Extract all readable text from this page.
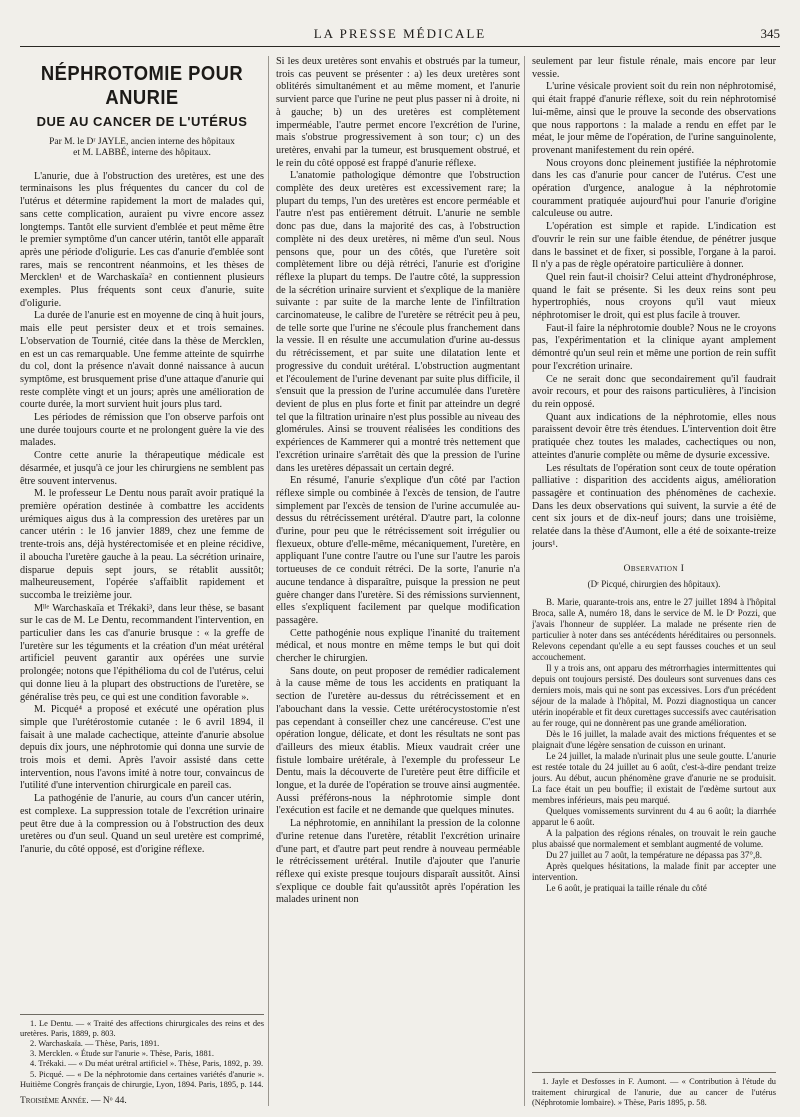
LA PRESSE MÉDICALE	345
NÉPHROTOMIE POUR ANURIE
DUE AU CANCER DE L'UTÉRUS
Par M. le Dʳ JAYLE, ancien interne des hôpitaux
et M. LABBÉ, interne des hôpitaux.

L'anurie, due à l'obstruction des uretères, est une des terminaisons les plus fréquentes du cancer du col de l'utérus et détermine rapidement la mort de malades qui, sans cette complication, auraient pu vivre encore assez longtemps. Tantôt elle survient d'emblée et peut même être le premier symptôme d'un cancer utérin, tantôt elle apparaît après une période d'oligurie. Les cas d'anurie d'emblée sont rares, mais se rencontrent néanmoins, et les thèses de Mercklen¹ et de Warchaskaïa² en contiennent plusieurs exemples. Plus fréquents sont ceux d'anurie, suite d'oligurie.

La durée de l'anurie est en moyenne de cinq à huit jours, mais elle peut persister deux et et trois semaines. L'observation de Tournié, citée dans la thèse de Mercklen, en est un cas remarquable. Une femme atteinte de squirrhe du col, dont la présence n'avait donné naissance à aucun symptôme, est brusquement prise d'une attaque d'anurie qui reste complète vingt et un jours; après une amélioration de courte durée, la mort survient huit jours plus tard.

Les périodes de rémission que l'on observe parfois ont une durée toujours courte et ne prolongent guère la vie des malades.

Contre cette anurie la thérapeutique médicale est désarmée, et jusqu'à ce jour les chirurgiens ne semblent pas être souvent intervenus.

M. le professeur Le Dentu nous paraît avoir pratiqué la première opération destinée à combattre les accidents urémiques aigus dus à la compression des uretères par un cancer utérin : le 16 janvier 1889, chez une femme de trente-trois ans, déjà hystérectomisée et en pleine récidive, il aboucha l'uretère gauche à la peau. La sécrétion urinaire, disparue depuis sept jours, se rétablit aussitôt; malheureusement, l'opérée s'affaiblit rapidement et succomba le treizième jour.

Mˡˡᵉ Warchaskaïa et Trékaki³, dans leur thèse, se basant sur le cas de M. Le Dentu, recommandent l'intervention, en particulier dans les cas d'anurie brusque : « la greffe de l'uretère sur les téguments et la création d'un méat urétéral artificiel peuvent garantir aux opérées une survie prolongée; notons que l'épithélioma du col de l'utérus, celui qui donne lieu à la plupart des obstructions de l'uretère, se généralise très peu, ce qui est une condition favorable ».

M. Picqué⁴ a proposé et exécuté une opération plus simple que l'urétérostomie cutanée : le 6 avril 1894, il faisait à une malade cachectique, atteinte d'anurie absolue depuis dix jours, une néphrotomie qui donna une survie de trois mois et demi. Après l'avoir assisté dans cette intervention, nous l'avons imité à notre tour, convaincus de l'utilité d'une intervention chirurgicale en pareil cas.

La pathogénie de l'anurie, au cours d'un cancer utérin, est complexe. La suppression totale de l'excrétion urinaire peut être due à la compression ou à l'obstruction des deux uretères ou d'un seul. Quand un seul uretère est comprimé, l'anurie, du côté opposé, est d'origine réflexe.

1. Le Dentu. — « Traité des affections chirurgicales des reins et des uretères. Paris, 1889, p. 803.

2. Warchaskaïa. — Thèse, Paris, 1891.

3. Mercklen. « Étude sur l'anurie ». Thèse, Paris, 1881.

4. Trékaki. — « Du méat urétral artificiel ». Thèse, Paris, 1892, p. 39.

5. Picqué. — « De la néphrotomie dans certaines variétés d'anurie ». Huitième Congrès français de chirurgie, Lyon, 1894. Paris, 1895, p. 144.

Troisième Année. — Nᵒ 44.

Si les deux uretères sont envahis et obstrués par la tumeur, trois cas peuvent se présenter : a) les deux uretères sont oblitérés simultanément et au même moment, et l'anurie survient parce que l'urine ne peut plus passer ni à droite, ni à gauche; b) un des uretères est complètement imperméable, l'autre permet encore l'excrétion de l'urine, mais s'obstrue progressivement à son tour; c) un des uretères, envahi par la tumeur, est brusquement obstrué, et le rein du côté opposé est frappé d'anurie réflexe.

L'anatomie pathologique démontre que l'obstruction complète des deux uretères est excessivement rare; la plupart du temps, l'un des uretères est encore perméable et l'autre n'est pas entièrement détruit. L'anurie ne semble donc pas due, dans la majorité des cas, à l'obstruction complète ni des deux uretères, ni même d'un seul. Nous pensons que, pour un des côtés, que l'uretère soit complètement libre ou déjà rétréci, l'anurie est d'origine réflexe la plupart du temps. De l'autre côté, la suppression de la sécrétion urinaire survient et s'explique de la manière suivante : par suite de la marche lente de l'infiltration carcinomateuse, le calibre de l'uretère se rétrécit peu à peu, de telle sorte que l'urine ne s'écoule plus franchement dans la vessie. Il en résulte une accumulation d'urine au-dessus du rétrécissement, et par suite une dilatation lente et progressive du conduit urétéral. L'obstruction augmentant et l'écoulement de l'urine devenant par suite plus difficile, il s'ensuit que la pression de l'urine accumulée dans l'uretère devient de plus en plus forte et finit par atteindre un degré tel que la filtration urinaire n'est plus possible au niveau des glomérules. Ainsi se trouvent réalisées les conditions des expériences de Kammerer qui a montré très nettement que l'excrétion urinaire s'arrêtait dès que la pression de l'urine dans les uretères dépassait un certain degré.

En résumé, l'anurie s'explique d'un côté par l'action réflexe simple ou combinée à l'excès de tension, de l'autre simplement par l'excès de tension de l'urine accumulée au-dessus du rétrécissement urétéral. D'autre part, la colonne d'urine, pour peu que le rétrécissement soit irrégulier ou flexueux, obture d'elle-même, mécaniquement, l'uretère, en appliquant l'une contre l'autre ou l'une sur l'autre les parois tortueuses de ce conduit rétréci. De la sorte, l'anurie n'a aucune tendance à disparaître, puisque la pression ne peut guère changer dans l'uretère. Si des rémissions surviennent, elles s'expliquent facilement par quelque modification passagère.

Cette pathogénie nous explique l'inanité du traitement médical, et nous montre en même temps le but qui doit chercher le chirurgien.

Sans doute, on peut proposer de remédier radicalement à la cause même de tous les accidents en pratiquant la section de l'uretère au-dessus du rétrécissement et en l'abouchant dans la vessie. Cette urétérocystostomie n'est pas cependant à conseiller chez une cancéreuse. C'est une opération longue, délicate, et dont les résultats ne sont pas d'ailleurs des mieux établis. Mieux vaudrait créer une fistule lombaire urétérale, à l'exemple du professeur Le Dentu, mais la découverte de l'uretère peut être difficile et longue, et la durée de l'opération se trouve ainsi augmentée. Aussi préférons-nous la néphrotomie simple dont l'exécution est facile et ne demande que quelques minutes.

La néphrotomie, en annihilant la pression de la colonne d'urine retenue dans l'uretère, rétablit l'excrétion urinaire d'une part, et d'autre part peut rendre à nouveau perméable le rétrécissement urétéral. Inutile d'ajouter que l'anurie réflexe qui existe presque toujours disparaît aussitôt. Ainsi s'explique ce double fait qu'aussitôt après l'opération les malades urinent non

seulement par leur fistule rénale, mais encore par leur vessie.

L'urine vésicale provient soit du rein non néphrotomisé, qui était frappé d'anurie réflexe, soit du rein néphrotomisé lui-même, ainsi que le prouve la seconde des observations que nous rapportons : la malade a rendu en effet par le méat, le jour même de l'opération, de l'urine sanguinolente, provenant manifestement du rein opéré.

Nous croyons donc pleinement justifiée la néphrotomie dans les cas d'anurie pour cancer de l'utérus. C'est une opération d'urgence, analogue à la néphrotomie couramment pratiquée aujourd'hui pour l'anurie d'origine calculeuse ou autre.

L'opération est simple et rapide. L'indication est d'ouvrir le rein sur une faible étendue, de pénétrer jusque dans le bassinet et de fixer, si possible, l'organe à la paroi. Il n'y a pas de règle opératoire particulière à donner.

Quel rein faut-il choisir? Celui atteint d'hydronéphrose, quand le fait se présente. Si les deux reins sont peu hypertrophiés, nous croyons qu'il vaut mieux néphrotomiser le droit, qui est plus facile à trouver.

Faut-il faire la néphrotomie double? Nous ne le croyons pas, l'expérimentation et la clinique ayant amplement démontré qu'un seul rein et même une portion de rein suffit pour l'excrétion urinaire.

Ce ne serait donc que secondairement qu'il faudrait avoir recours, et pour des raisons particulières, à l'incision du rein opposé.

Quant aux indications de la néphrotomie, elles nous paraissent devoir être très étendues. L'intervention doit être pratiquée chez toutes les malades, cachectiques ou non, atteintes d'anurie complète ou même de dysurie excessive.

Les résultats de l'opération sont ceux de toute opération palliative : disparition des accidents aigus, amélioration passagère et continuation des phénomènes de cachexie. Dans les deux observations qui suivent, la survie a été de cent six jours et de dix-neuf jours; dans une troisième, relatée dans la thèse d'Aumont, elle a été de soixante-treize jours¹.

Observation I
(Dʳ Picqué, chirurgien des hôpitaux).

B. Marie, quarante-trois ans, entre le 27 juillet 1894 à l'hôpital Broca, salle A, numéro 18, dans le service de M. le Dʳ Pozzi, que j'avais l'honneur de suppléer. La malade ne présente rien de particulier à noter dans ses antécédents héréditaires ou personnels. Relevons cependant qu'elle a eu sept fausses couches et un seul accouchement.

Il y a trois ans, ont apparu des métrorrhagies intermittentes qui depuis ont toujours persisté. Des douleurs sont survenues dans ces derniers mois, mais qui ne sont pas excessives. Lors d'un précédent séjour de la malade à l'hôpital, M. Pozzi diagnostiqua un cancer utérin inopérable et fit deux curettages successifs avec cautérisation au fer rouge, qui ne donnèrent pas une grande amélioration.

Dès le 16 juillet, la malade avait des mictions fréquentes et se plaignait d'une légère sensation de cuisson en urinant.

Le 24 juillet, la malade n'urinait plus une seule goutte. L'anurie est restée totale du 24 juillet au 6 août, c'est-à-dire pendant treize jours. Au début, aucun phénomène grave d'anurie ne se produisit. La face était un peu bouffie; il existait de l'œdème surtout aux membres inférieurs, mais peu marqué.

Quelques vomissements survinrent du 4 au 6 août; la diarrhée apparut le 6 août.

A la palpation des régions rénales, on trouvait le rein gauche plus abaissé que normalement et semblant augmenté de volume.

Du 27 juillet au 7 août, la température ne dépassa pas 37°,8.

Après quelques hésitations, la malade finit par accepter une intervention.

Le 6 août, je pratiquai la taille rénale du côté

1. Jayle et Desfosses in F. Aumont. — « Contribution à l'étude du traitement chirurgical de l'anurie, due au cancer de l'utérus (Néphrotomie lombaire). » Thèse, Paris 1895, p. 58.
